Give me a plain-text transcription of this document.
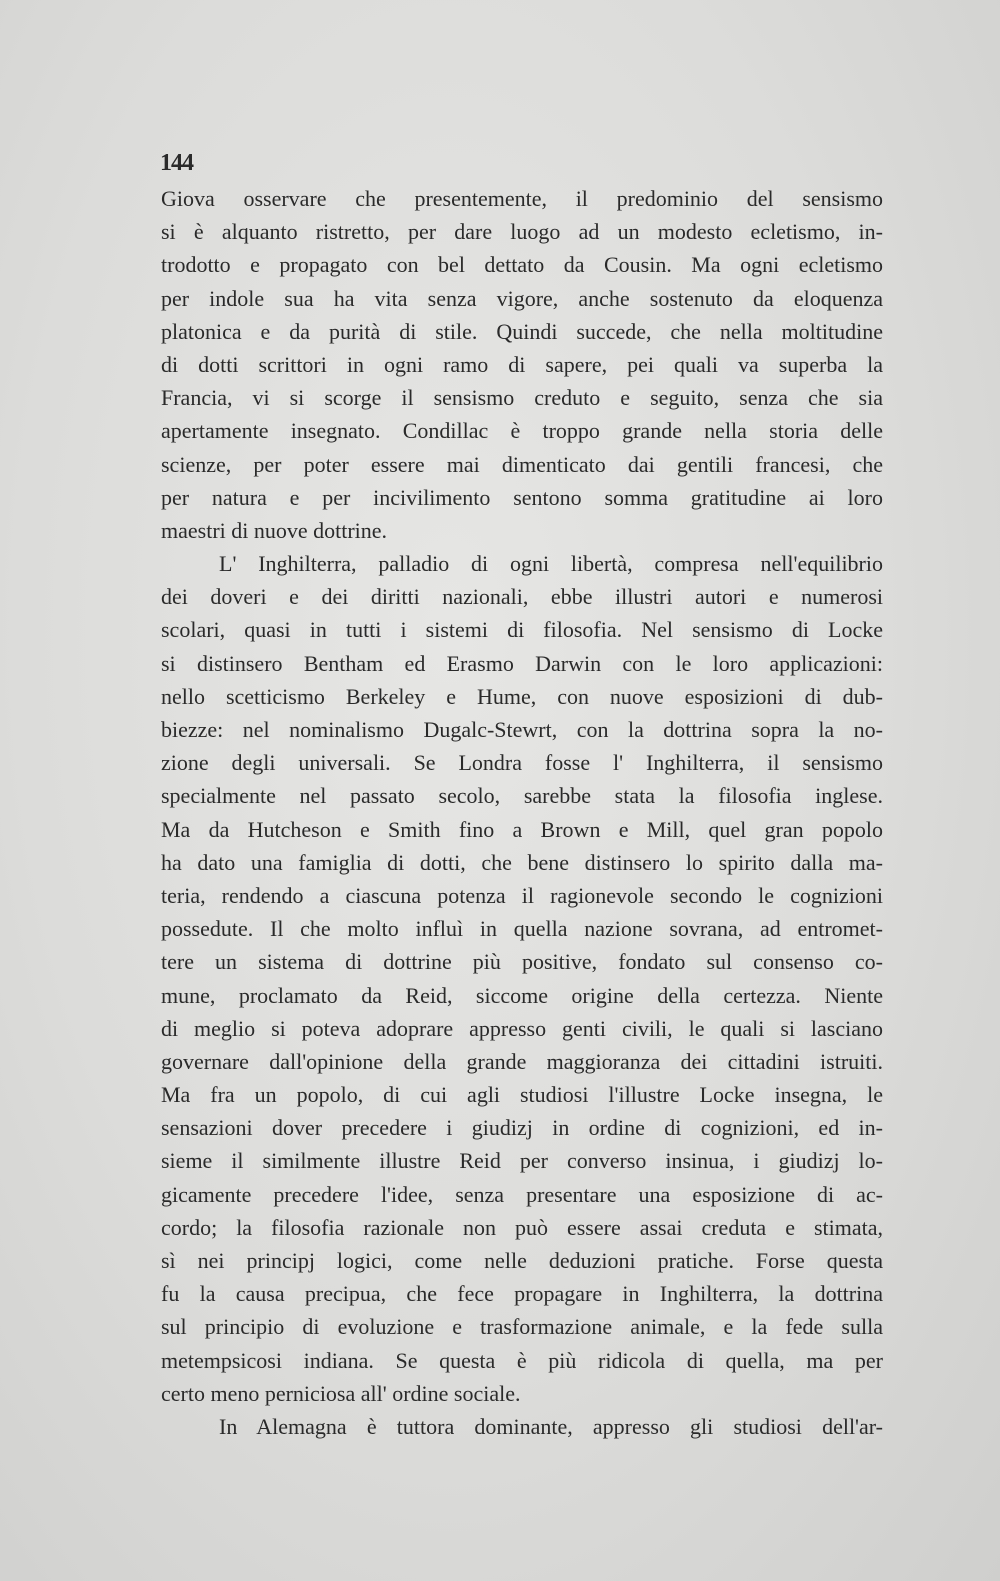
144
Giova osservare che presentemente, il predominio del sensismo
si è alquanto ristretto, per dare luogo ad un modesto ecletismo, in-
trodotto e propagato con bel dettato da Cousin. Ma ogni ecletismo
per indole sua ha vita senza vigore, anche sostenuto da eloquenza
platonica e da purità di stile. Quindi succede, che nella moltitudine
di dotti scrittori in ogni ramo di sapere, pei quali va superba la
Francia, vi si scorge il sensismo creduto e seguito, senza che sia
apertamente insegnato. Condillac è troppo grande nella storia delle
scienze, per poter essere mai dimenticato dai gentili francesi, che
per natura e per incivilimento sentono somma gratitudine ai loro
maestri di nuove dottrine.
L' Inghilterra, palladio di ogni libertà, compresa nell'equilibrio
dei doveri e dei diritti nazionali, ebbe illustri autori e numerosi
scolari, quasi in tutti i sistemi di filosofia. Nel sensismo di Locke
si distinsero Bentham ed Erasmo Darwin con le loro applicazioni:
nello scetticismo Berkeley e Hume, con nuove esposizioni di dub-
biezze: nel nominalismo Dugalc-Stewrt, con la dottrina sopra la no-
zione degli universali. Se Londra fosse l' Inghilterra, il sensismo
specialmente nel passato secolo, sarebbe stata la filosofia inglese.
Ma da Hutcheson e Smith fino a Brown e Mill, quel gran popolo
ha dato una famiglia di dotti, che bene distinsero lo spirito dalla ma-
teria, rendendo a ciascuna potenza il ragionevole secondo le cognizioni
possedute. Il che molto influì in quella nazione sovrana, ad entromet-
tere un sistema di dottrine più positive, fondato sul consenso co-
mune, proclamato da Reid, siccome origine della certezza. Niente
di meglio si poteva adoprare appresso genti civili, le quali si lasciano
governare dall'opinione della grande maggioranza dei cittadini istruiti.
Ma fra un popolo, di cui agli studiosi l'illustre Locke insegna, le
sensazioni dover precedere i giudizj in ordine di cognizioni, ed in-
sieme il similmente illustre Reid per converso insinua, i giudizj lo-
gicamente precedere l'idee, senza presentare una esposizione di ac-
cordo; la filosofia razionale non può essere assai creduta e stimata,
sì nei principj logici, come nelle deduzioni pratiche. Forse questa
fu la causa precipua, che fece propagare in Inghilterra, la dottrina
sul principio di evoluzione e trasformazione animale, e la fede sulla
metempsicosi indiana. Se questa è più ridicola di quella, ma per
certo meno perniciosa all' ordine sociale.
In Alemagna è tuttora dominante, appresso gli studiosi dell'ar-
